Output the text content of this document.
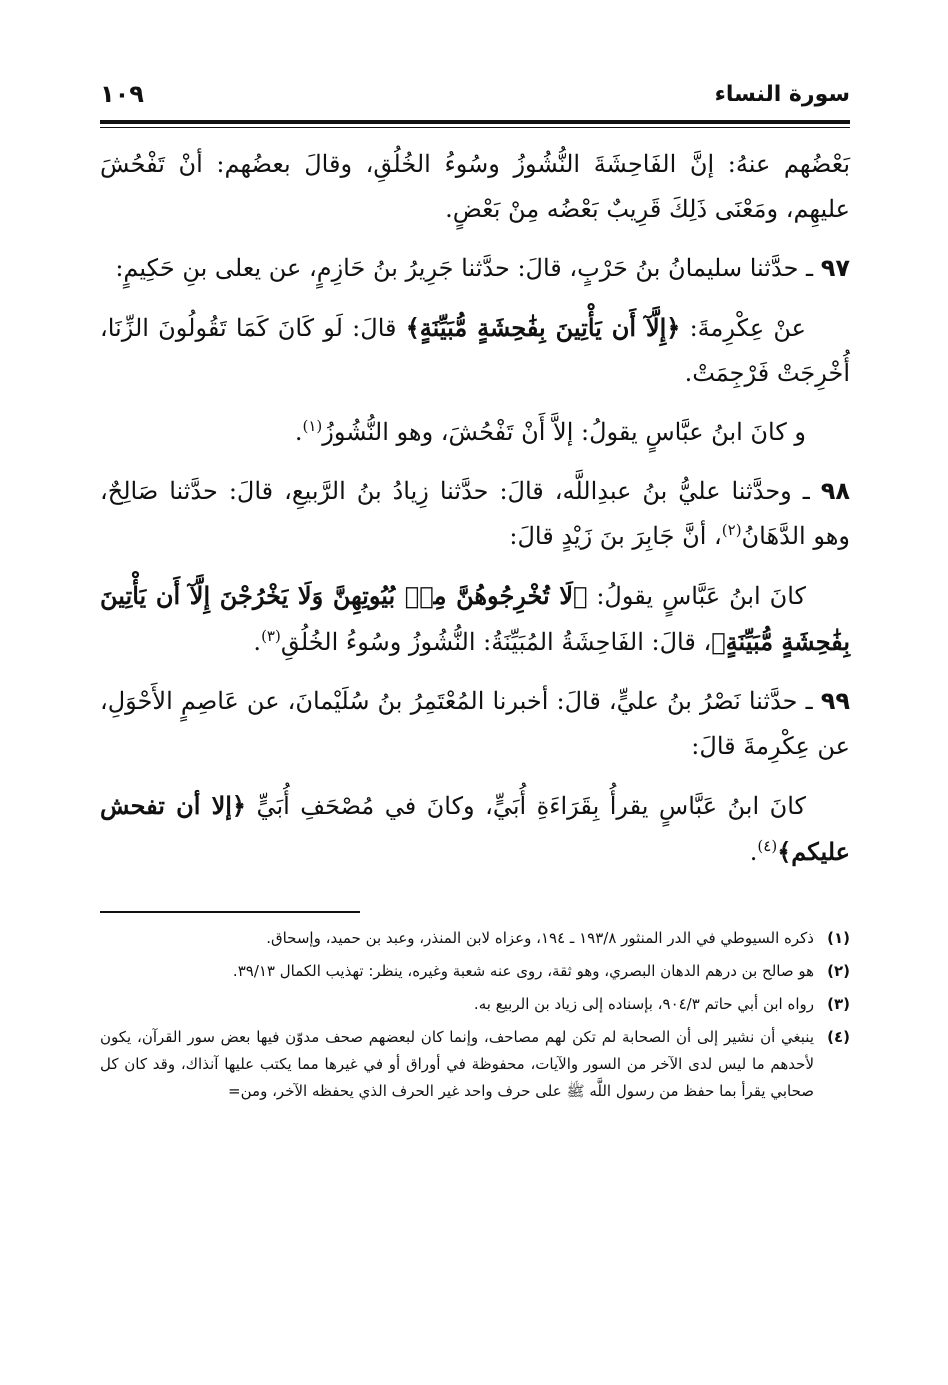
سورة النساء
١٠٩

بَعْضُهم عنهُ: إنَّ الفَاحِشَةَ النُّشُوزُ وسُوءُ الخُلُقِ، وقالَ بعضُهم: أنْ تَفْحُشَ عليهِم، ومَعْنَى ذَلِكَ قَرِيبٌ بَعْضُه مِنْ بَعْضٍ.

٩٧ ـ حدَّثنا سليمانُ بنُ حَرْبٍ، قالَ: حدَّثنا جَرِيرُ بنُ حَازِمٍ، عن يعلى بنِ حَكِيمٍ:

عنْ عِكْرِمةَ: ﴿إِلَّآ أَن يَأْتِينَ بِفَٰحِشَةٍ مُّبَيِّنَةٍ﴾ قالَ: لَو كَانَ كَمَا تَقُولُونَ الزِّنَا، أُخْرِجَتْ فَرْجِمَتْ.

و كانَ ابنُ عبَّاسٍ يقولُ: إلاَّ أَنْ تَفْحُشَ، وهو النُّشُوزُ$^{(١)}$.

٩٨ ـ وحدَّثنا عليُّ بنُ عبدِاللَّه، قالَ: حدَّثنا زِيادُ بنُ الرَّبيعِ، قالَ: حدَّثنا صَالِحٌ، وهو الدَّهَانُ$^{(٢)}$، أنَّ جَابِرَ بنَ زَيْدٍ قالَ:

كانَ ابنُ عَبَّاسٍ يقولُ: ﴿لَا تُخْرِجُوهُنَّ مِنۢ بُيُوتِهِنَّ وَلَا يَخْرُجْنَ إِلَّآ أَن يَأْتِينَ بِفَٰحِشَةٍ مُّبَيِّنَةٍ﴾، قالَ: الفَاحِشَةُ المُبَيِّنَةُ: النُّشُوزُ وسُوءُ الخُلُقِ$^{(٣)}$.

٩٩ ـ حدَّثنا نَصْرُ بنُ عليٍّ، قالَ: أخبرنا المُعْتَمِرُ بنُ سُلَيْمانَ، عن عَاصِمٍ الأَحْوَلِ، عن عِكْرِمةَ قالَ:

كانَ ابنُ عَبَّاسٍ يقرأُ بِقَرَاءَةِ أُبَيٍّ، وكانَ في مُصْحَفِ أُبَيٍّ ﴿إلا أن تفحش عليكم﴾$^{(٤)}$.

(١)
ذكره السيوطي في الدر المنثور ١٩٣/٨ ـ ١٩٤، وعزاه لابن المنذر، وعبد بن حميد، وإسحاق.
(٢)
هو صالح بن درهم الدهان البصري، وهو ثقة، روى عنه شعبة وغيره، ينظر: تهذيب الكمال ٣٩/١٣.
(٣)
رواه ابن أبي حاتم ٩٠٤/٣، بإسناده إلى زياد بن الربيع به.
(٤)
ينبغي أن نشير إلى أن الصحابة لم تكن لهم مصاحف، وإنما كان لبعضهم صحف مدوّن فيها بعض سور القرآن، يكون لأحدهم ما ليس لدى الآخر من السور والآيات، محفوظة في أوراق أو في غيرها مما يكتب عليها آنذاك، وقد كان كل صحابي يقرأ بما حفظ من رسول اللَّه ﷺ على حرف واحد غير الحرف الذي يحفظه الآخر، ومن=
